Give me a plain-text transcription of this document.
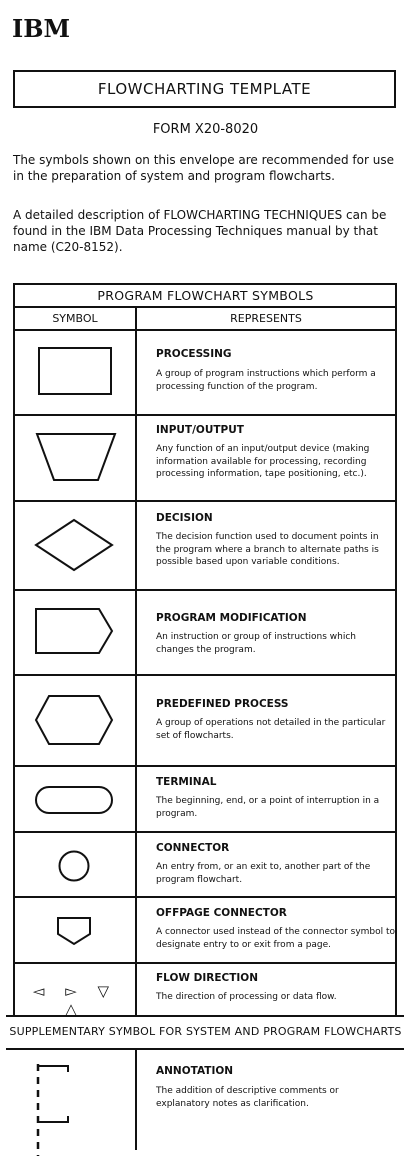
IBM
FLOWCHARTING TEMPLATE
FORM X20-8020
The symbols shown on this envelope are recommended for use in the preparation of system and program flowcharts.
A detailed description of FLOWCHARTING TECHNIQUES can be found in the IBM Data Processing Techniques manual by that name (C20-8152).
PROGRAM FLOWCHART SYMBOLS
SYMBOL	REPRESENTS
PROCESSING
A group of program instructions which perform a processing function of the program.
INPUT/OUTPUT
Any function of an input/output device (making information available for processing, recording processing information, tape positioning, etc.).
DECISION
The decision function used to document points in the program where a branch to alternate paths is possible based upon variable conditions.
PROGRAM MODIFICATION
An instruction or group of instructions which changes the program.
PREDEFINED PROCESS
A group of operations not detailed in the particular set of flowcharts.
TERMINAL
The beginning, end, or a point of interruption in a program.
CONNECTOR
An entry from, or an exit to, another part of the program flowchart.
OFFPAGE CONNECTOR
A connector used instead of the connector symbol to designate entry to or exit from a page.
◅ ▻ ▽ △
FLOW DIRECTION
The direction of processing or data flow.
SUPPLEMENTARY SYMBOL FOR SYSTEM AND PROGRAM FLOWCHARTS
ANNOTATION
The addition of descriptive comments or explanatory notes as clarification.
